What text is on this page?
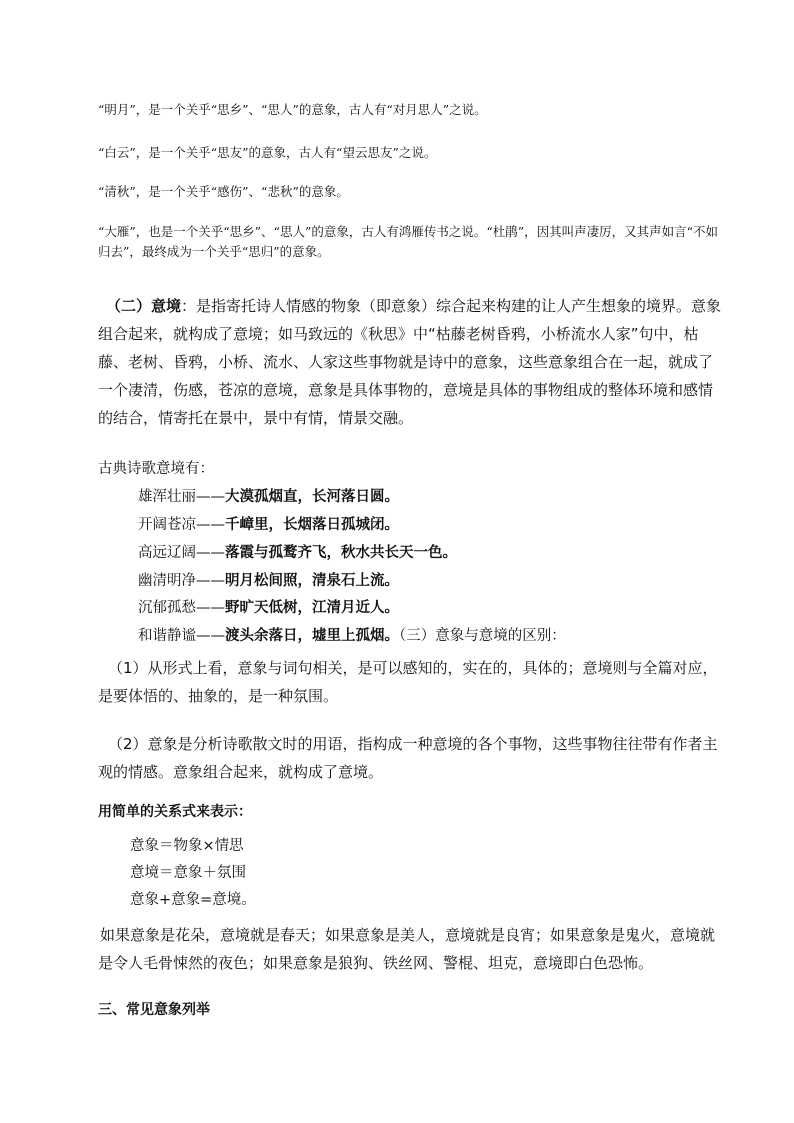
“明月”，是一个关乎“思乡”、“思人”的意象，古人有“对月思人”之说。
“白云”，是一个关乎“思友”的意象，古人有“望云思友”之说。
“清秋”，是一个关乎“感伤”、“悲秋”的意象。
“大雁”，也是一个关乎“思乡”、“思人”的意象，古人有鸿雁传书之说。“杜鹃”，因其叫声凄厉，又其声如言“不如归去”，最终成为一个关乎“思归”的意象。
（二）意境：是指寄托诗人情感的物象（即意象）综合起来构建的让人产生想象的境界。意象组合起来，就构成了意境；如马致远的《秋思》中“枯藤老树昏鸦，小桥流水人家”句中，枯藤、老树、昏鸦，小桥、流水、人家这些事物就是诗中的意象，这些意象组合在一起，就成了一个凄清，伤感，苍凉的意境，意象是具体事物的，意境是具体的事物组成的整体环境和感情的结合，情寄托在景中，景中有情，情景交融。
古典诗歌意境有：
雄浑壮丽——大漠孤烟直，长河落日圆。
开阔苍凉——千嶂里，长烟落日孤城闭。
高远辽阔——落霞与孤鹜齐飞，秋水共长天一色。
幽清明净——明月松间照，清泉石上流。
沉郁孤愁——野旷天低树，江清月近人。
和谐静谧——渡头余落日，墟里上孤烟。（三）意象与意境的区别：
（1）从形式上看，意象与词句相关，是可以感知的，实在的，具体的；意境则与全篇对应，是要体悟的、抽象的，是一种氛围。
（2）意象是分析诗歌散文时的用语，指构成一种意境的各个事物，这些事物往往带有作者主观的情感。意象组合起来，就构成了意境。
用简单的关系式来表示：
意象＝物象×情思
意境＝意象＋氛围
意象+意象=意境。
如果意象是花朵，意境就是春天；如果意象是美人，意境就是良宵；如果意象是鬼火，意境就是令人毛骨悚然的夜色；如果意象是狼狗、铁丝网、警棍、坦克，意境即白色恐怖。
三、常见意象列举
